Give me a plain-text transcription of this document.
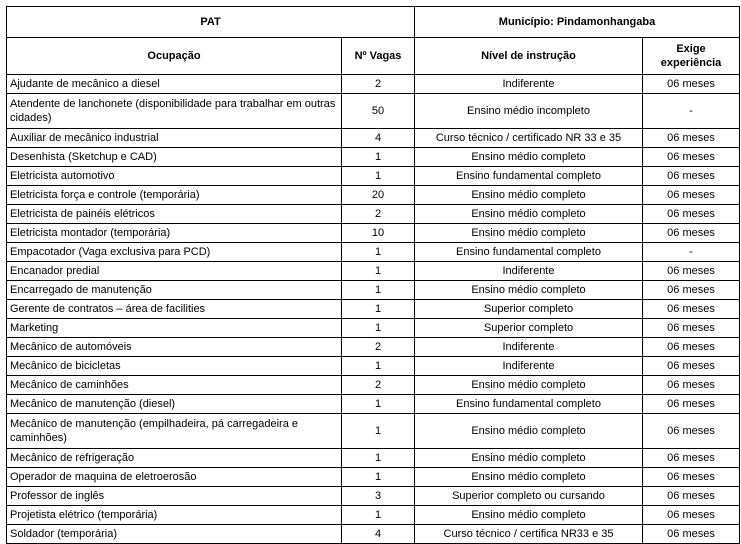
PAT		Município: Pindamonhangaba	
Ocupação	Nº Vagas	Nível de instrução	Exige experiência
Ajudante de mecânico a diesel	2	Indiferente	06 meses
Atendente de lanchonete (disponibilidade para trabalhar em outras cidades)	50	Ensino médio incompleto	-
Auxiliar de mecânico industrial	4	Curso técnico / certificado NR 33 e 35	06 meses
Desenhista (Sketchup e CAD)	1	Ensino médio completo	06 meses
Eletricista automotivo	1	Ensino fundamental completo	06 meses
Eletricista força e controle (temporária)	20	Ensino médio completo	06 meses
Eletricista de painéis elétricos	2	Ensino médio completo	06 meses
Eletricista montador (temporária)	10	Ensino médio completo	06 meses
Empacotador (Vaga exclusiva para PCD)	1	Ensino fundamental completo	-
Encanador predial	1	Indiferente	06 meses
Encarregado de manutenção	1	Ensino médio completo	06 meses
Gerente de contratos – área de facilities	1	Superior completo	06 meses
Marketing	1	Superior completo	06 meses
Mecânico de automóveis	2	Indiferente	06 meses
Mecânico de bicicletas	1	Indiferente	06 meses
Mecânico de caminhões	2	Ensino médio completo	06 meses
Mecânico de manutenção (diesel)	1	Ensino fundamental completo	06 meses
Mecânico de manutenção (empilhadeira, pá carregadeira e caminhões)	1	Ensino médio completo	06 meses
Mecânico de refrigeração	1	Ensino médio completo	06 meses
Operador de maquina de eletroerosão	1	Ensino médio completo	06 meses
Professor de inglês	3	Superior completo ou cursando	06 meses
Projetista elétrico (temporária)	1	Ensino médio completo	06 meses
Soldador (temporária)	4	Curso técnico / certifica NR33 e 35	06 meses
